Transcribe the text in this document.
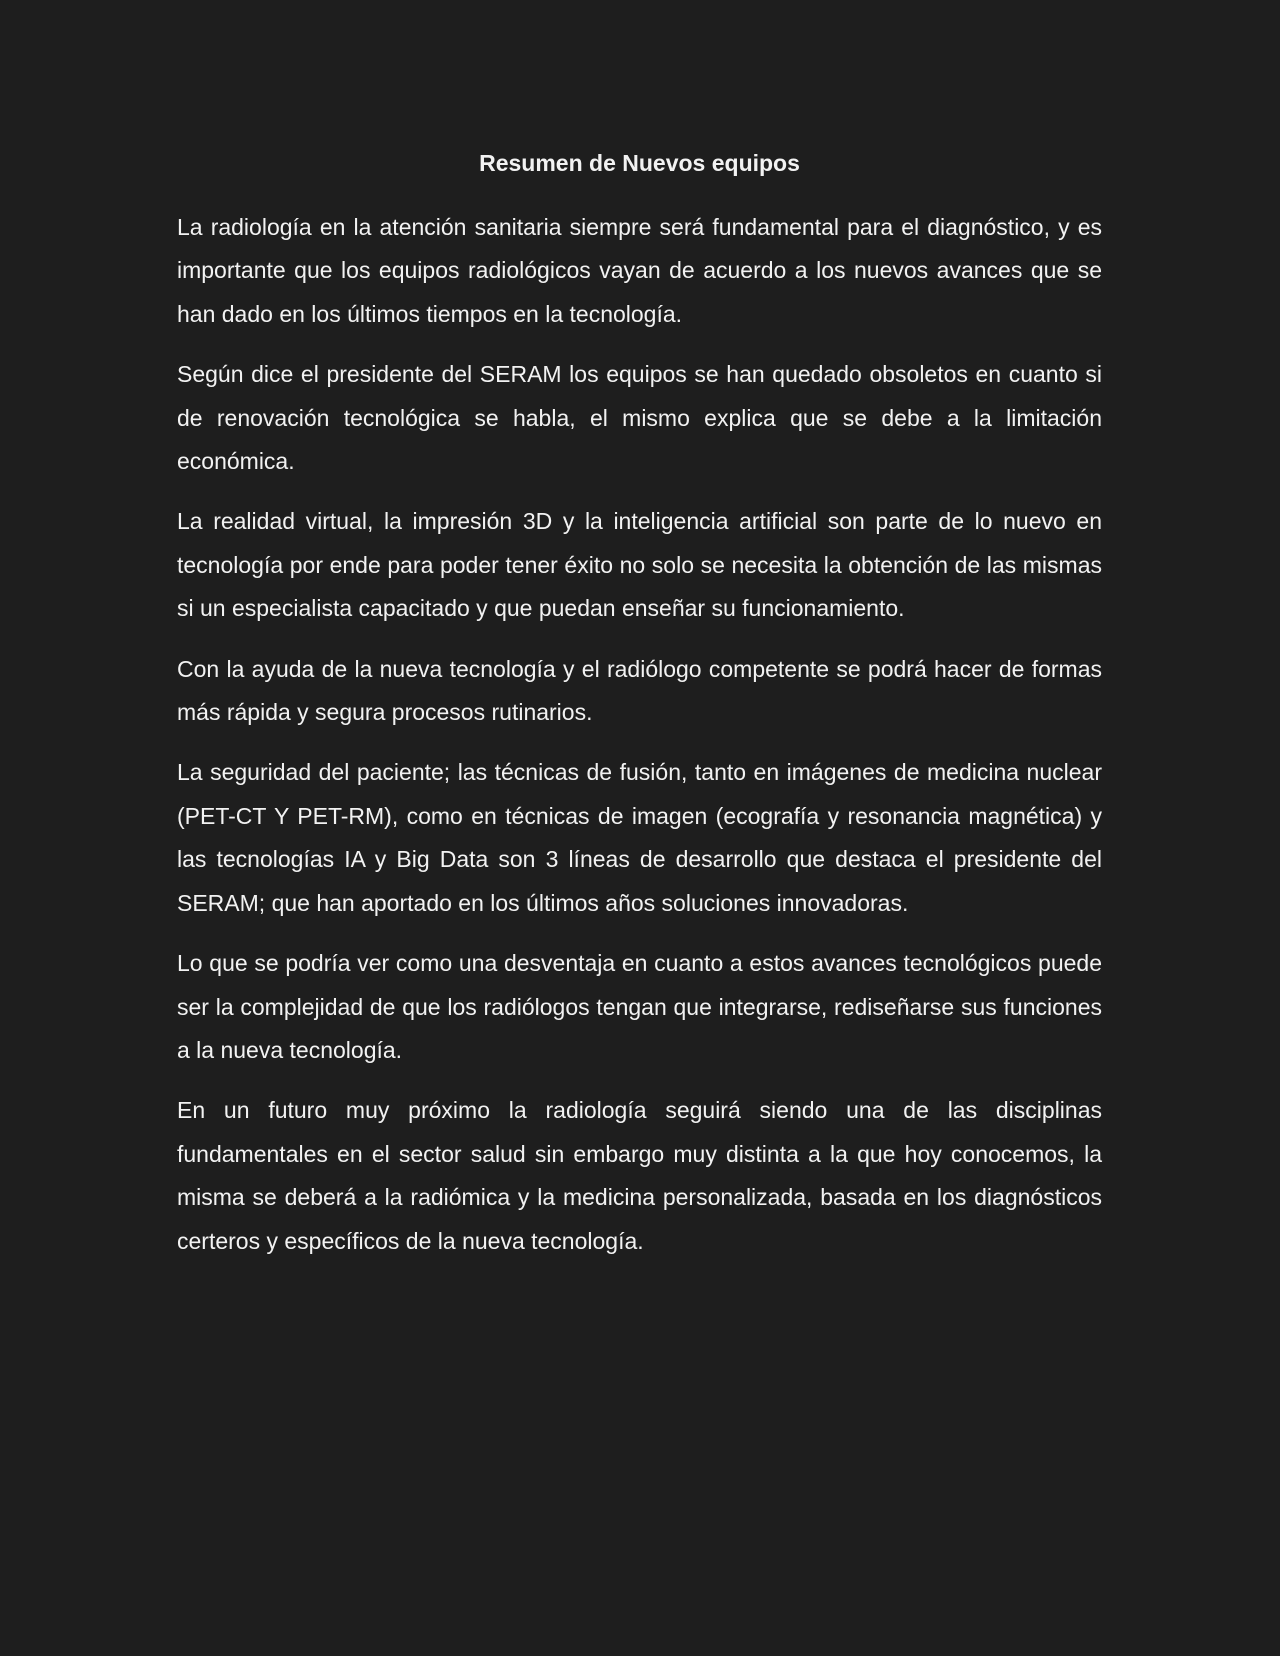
Resumen de Nuevos equipos

La radiología en la atención sanitaria siempre será fundamental para el diagnóstico, y es importante que los equipos radiológicos vayan de acuerdo a los nuevos avances que se han dado en los últimos tiempos en la tecnología.

Según dice el presidente del SERAM los equipos se han quedado obsoletos en cuanto si de renovación tecnológica se habla, el mismo explica que se debe a la limitación económica.

La realidad virtual, la impresión 3D y la inteligencia artificial son parte de lo nuevo en tecnología por ende para poder tener éxito no solo se necesita la obtención de las mismas si un especialista capacitado y que puedan enseñar su funcionamiento.

Con la ayuda de la nueva tecnología y el radiólogo competente se podrá hacer de formas más rápida y segura procesos rutinarios.

La seguridad del paciente; las técnicas de fusión, tanto en imágenes de medicina nuclear (PET-CT Y PET-RM), como en técnicas de imagen (ecografía y resonancia magnética) y las tecnologías IA y Big Data son 3 líneas de desarrollo que destaca el presidente del SERAM; que han aportado en los últimos años soluciones innovadoras.

Lo que se podría ver como una desventaja en cuanto a estos avances tecnológicos puede ser la complejidad de que los radiólogos tengan que integrarse, rediseñarse sus funciones a la nueva tecnología.

En un futuro muy próximo la radiología seguirá siendo una de las disciplinas fundamentales en el sector salud sin embargo muy distinta a la que hoy conocemos, la misma se deberá a la radiómica y la medicina personalizada, basada en los diagnósticos certeros y específicos de la nueva tecnología.
